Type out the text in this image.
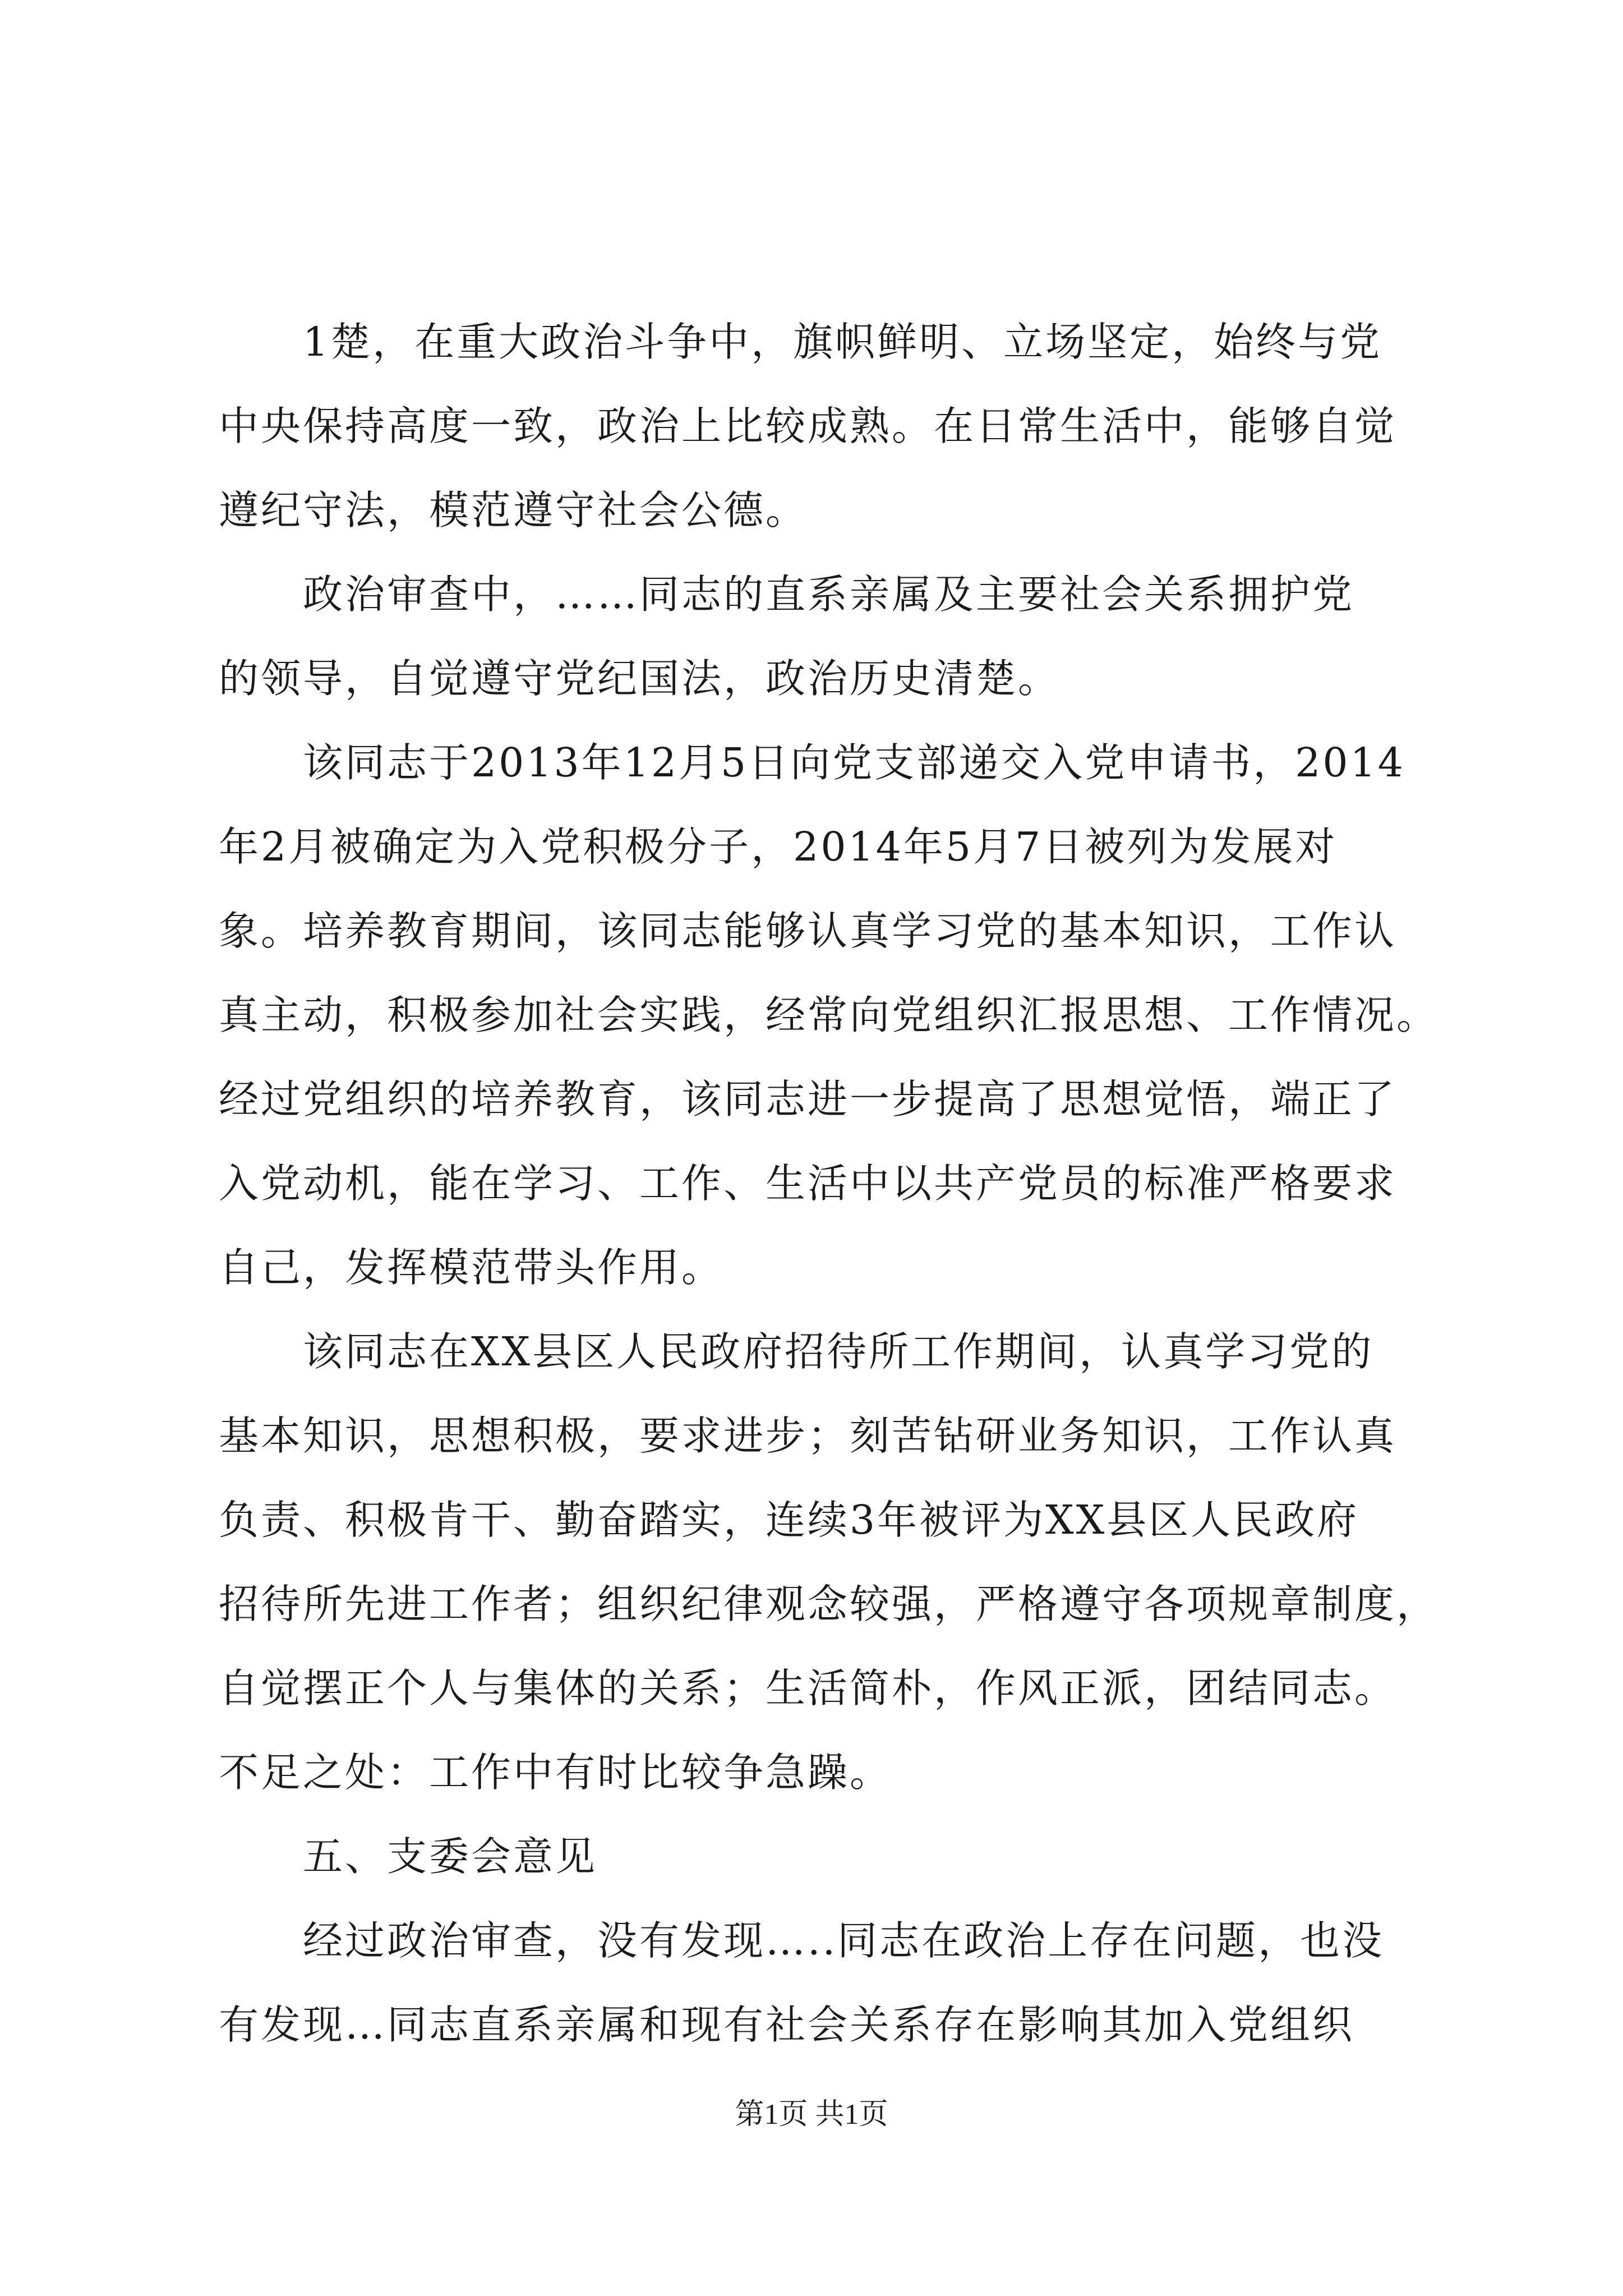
1楚，在重大政治斗争中，旗帜鲜明、立场坚定，始终与党
中央保持高度一致，政治上比较成熟。在日常生活中，能够自觉
遵纪守法，模范遵守社会公德。
政治审查中，……同志的直系亲属及主要社会关系拥护党
的领导，自觉遵守党纪国法，政治历史清楚。
该同志于2013年12月5日向党支部递交入党申请书，2014
年2月被确定为入党积极分子，2014年5月7日被列为发展对
象。培养教育期间，该同志能够认真学习党的基本知识，工作认
真主动，积极参加社会实践，经常向党组织汇报思想、工作情况。
经过党组织的培养教育，该同志进一步提高了思想觉悟，端正了
入党动机，能在学习、工作、生活中以共产党员的标准严格要求
自己，发挥模范带头作用。
该同志在XX县区人民政府招待所工作期间，认真学习党的
基本知识，思想积极，要求进步；刻苦钻研业务知识，工作认真
负责、积极肯干、勤奋踏实，连续3年被评为XX县区人民政府
招待所先进工作者；组织纪律观念较强，严格遵守各项规章制度，
自觉摆正个人与集体的关系；生活简朴，作风正派，团结同志。
不足之处：工作中有时比较争急躁。
五、支委会意见
经过政治审查，没有发现…..同志在政治上存在问题，也没
有发现…同志直系亲属和现有社会关系存在影响其加入党组织
第1页 共1页
